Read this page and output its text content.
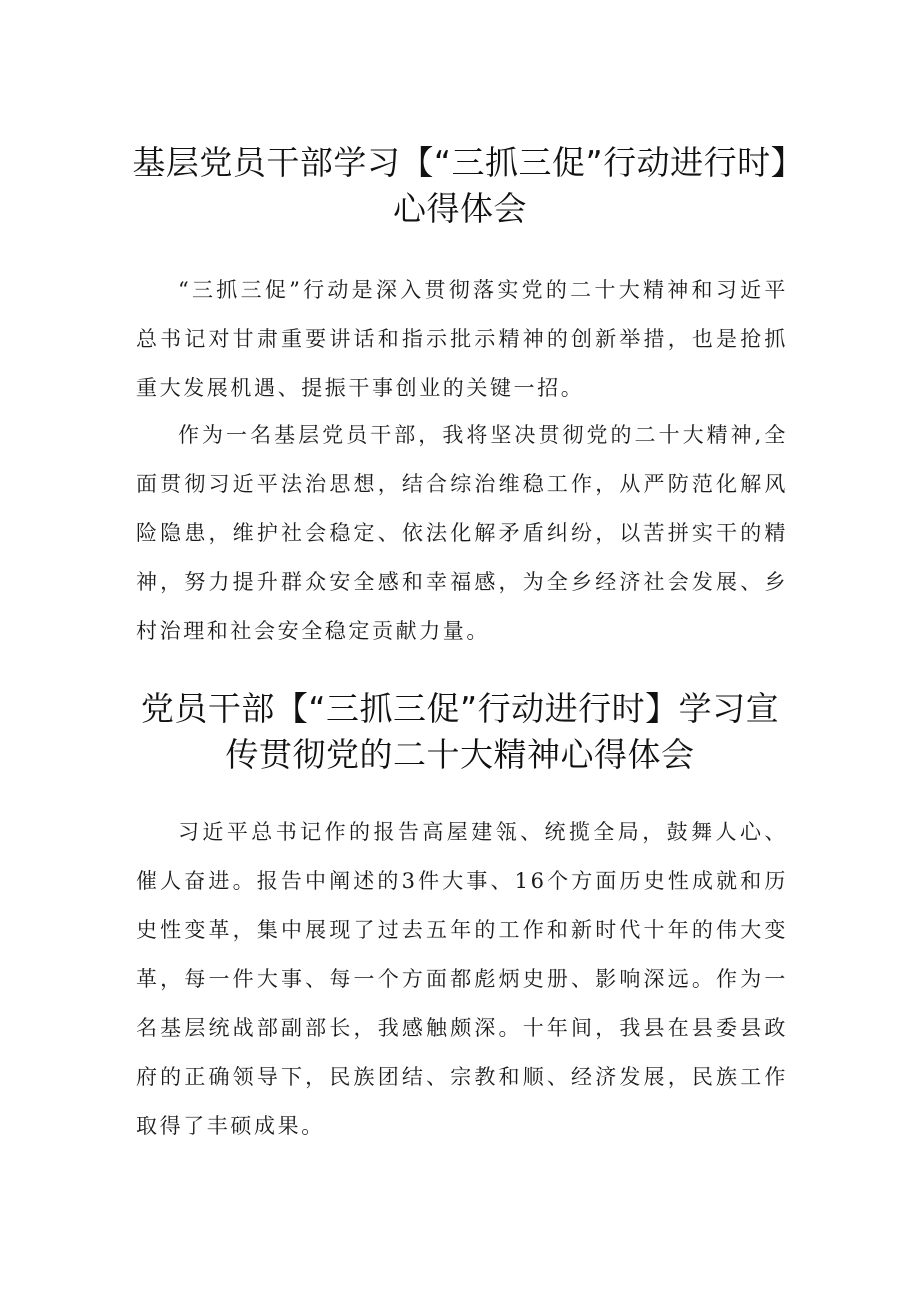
基层党员干部学习【“三抓三促”行动进行时】心得体会

“三抓三促”行动是深入贯彻落实党的二十大精神和习近平总书记对甘肃重要讲话和指示批示精神的创新举措，也是抢抓重大发展机遇、提振干事创业的关键一招。

作为一名基层党员干部，我将坚决贯彻党的二十大精神,全面贯彻习近平法治思想，结合综治维稳工作，从严防范化解风险隐患，维护社会稳定、依法化解矛盾纠纷，以苦拼实干的精神，努力提升群众安全感和幸福感，为全乡经济社会发展、乡村治理和社会安全稳定贡献力量。

党员干部【“三抓三促”行动进行时】学习宣传贯彻党的二十大精神心得体会

习近平总书记作的报告高屋建瓴、统揽全局，鼓舞人心、催人奋进。报告中阐述的3件大事、16个方面历史性成就和历史性变革，集中展现了过去五年的工作和新时代十年的伟大变革，每一件大事、每一个方面都彪炳史册、影响深远。作为一名基层统战部副部长，我感触颇深。十年间，我县在县委县政府的正确领导下，民族团结、宗教和顺、经济发展，民族工作取得了丰硕成果。
